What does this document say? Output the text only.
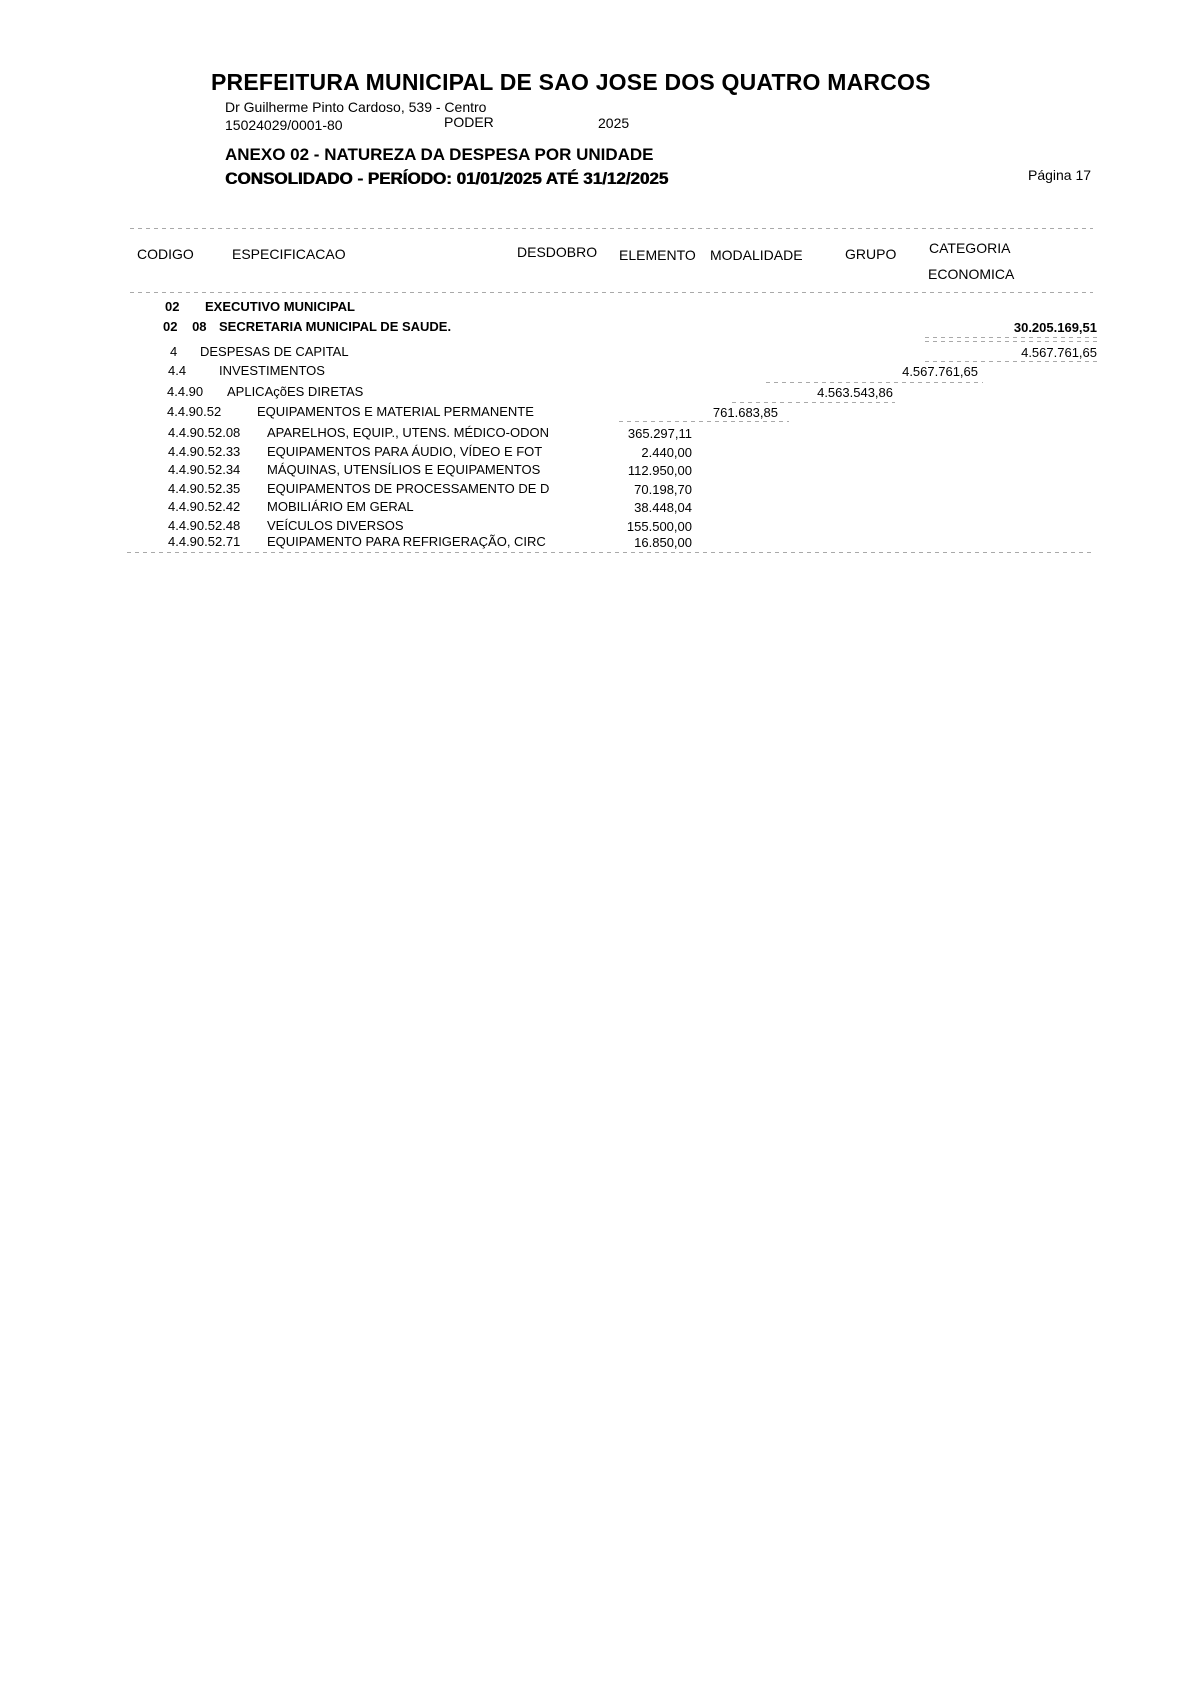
PREFEITURA MUNICIPAL DE SAO JOSE DOS QUATRO MARCOS
Dr Guilherme Pinto Cardoso, 539 - Centro
15024029/0001-80	PODER	2025
ANEXO 02 - NATUREZA DA DESPESA POR UNIDADE
CONSOLIDADO - PERÍODO: 01/01/2025 ATÉ 31/12/2025	Página 17
CODIGO	ESPECIFICACAO	DESDOBRO ELEMENTO MODALIDADE	GRUPO CATEGORIA
ECONOMICA
02 EXECUTIVO MUNICIPAL
02 08 SECRETARIA MUNICIPAL DE SAUDE.	30.205.169,51
4 DESPESAS DE CAPITAL	4.567.761,65
4.4	INVESTIMENTOS	4.567.761,65
4.4.90 APLICAçõES DIRETAS	4.563.543,86
4.4.90.52	EQUIPAMENTOS E MATERIAL PERMANENTE	761.683,85
4.4.90.52.08 APARELHOS, EQUIP., UTENS. MÉDICO-ODON	365.297,11
4.4.90.52.33 EQUIPAMENTOS PARA ÁUDIO, VÍDEO E FOT	2.440,00
4.4.90.52.34 MÁQUINAS, UTENSÍLIOS E EQUIPAMENTOS	112.950,00
4.4.90.52.35 EQUIPAMENTOS DE PROCESSAMENTO DE D	70.198,70
4.4.90.52.42 MOBILIÁRIO EM GERAL	38.448,04
4.4.90.52.48 VEÍCULOS DIVERSOS	155.500,00
4.4.90.52.71 EQUIPAMENTO PARA REFRIGERAÇÃO, CIRC	16.850,00
